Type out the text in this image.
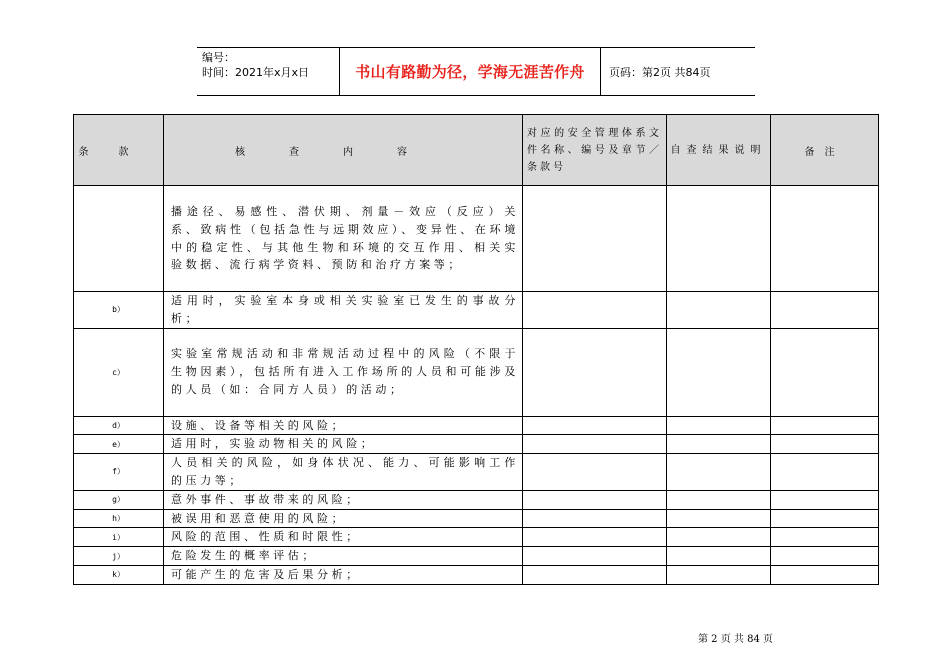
编号：
时间：2021年x月x日	书山有路勤为径，学海无涯苦作舟	页码：第2页 共84页
条款	核查内容	对应的安全管理体系文件名称、编号及章节／条款号	自查结果说明	备注
	播途径、易感性、潜伏期、剂量－效应（反应）关系、致病性（包括急性与远期效应）、变异性、在环境中的稳定性、与其他生物和环境的交互作用、相关实验数据、流行病学资料、预防和治疗方案等；			
b）	适用时，实验室本身或相关实验室已发生的事故分析；			
c）	实验室常规活动和非常规活动过程中的风险（不限于生物因素），包括所有进入工作场所的人员和可能涉及的人员（如：合同方人员）的活动；			
d）	设施、设备等相关的风险；			
e）	适用时，实验动物相关的风险；			
f）	人员相关的风险，如身体状况、能力、可能影响工作的压力等；			
g）	意外事件、事故带来的风险；			
h）	被误用和恶意使用的风险；			
i）	风险的范围、性质和时限性；			
j）	危险发生的概率评估；			
k）	可能产生的危害及后果分析；			
第 2 页 共 84 页
